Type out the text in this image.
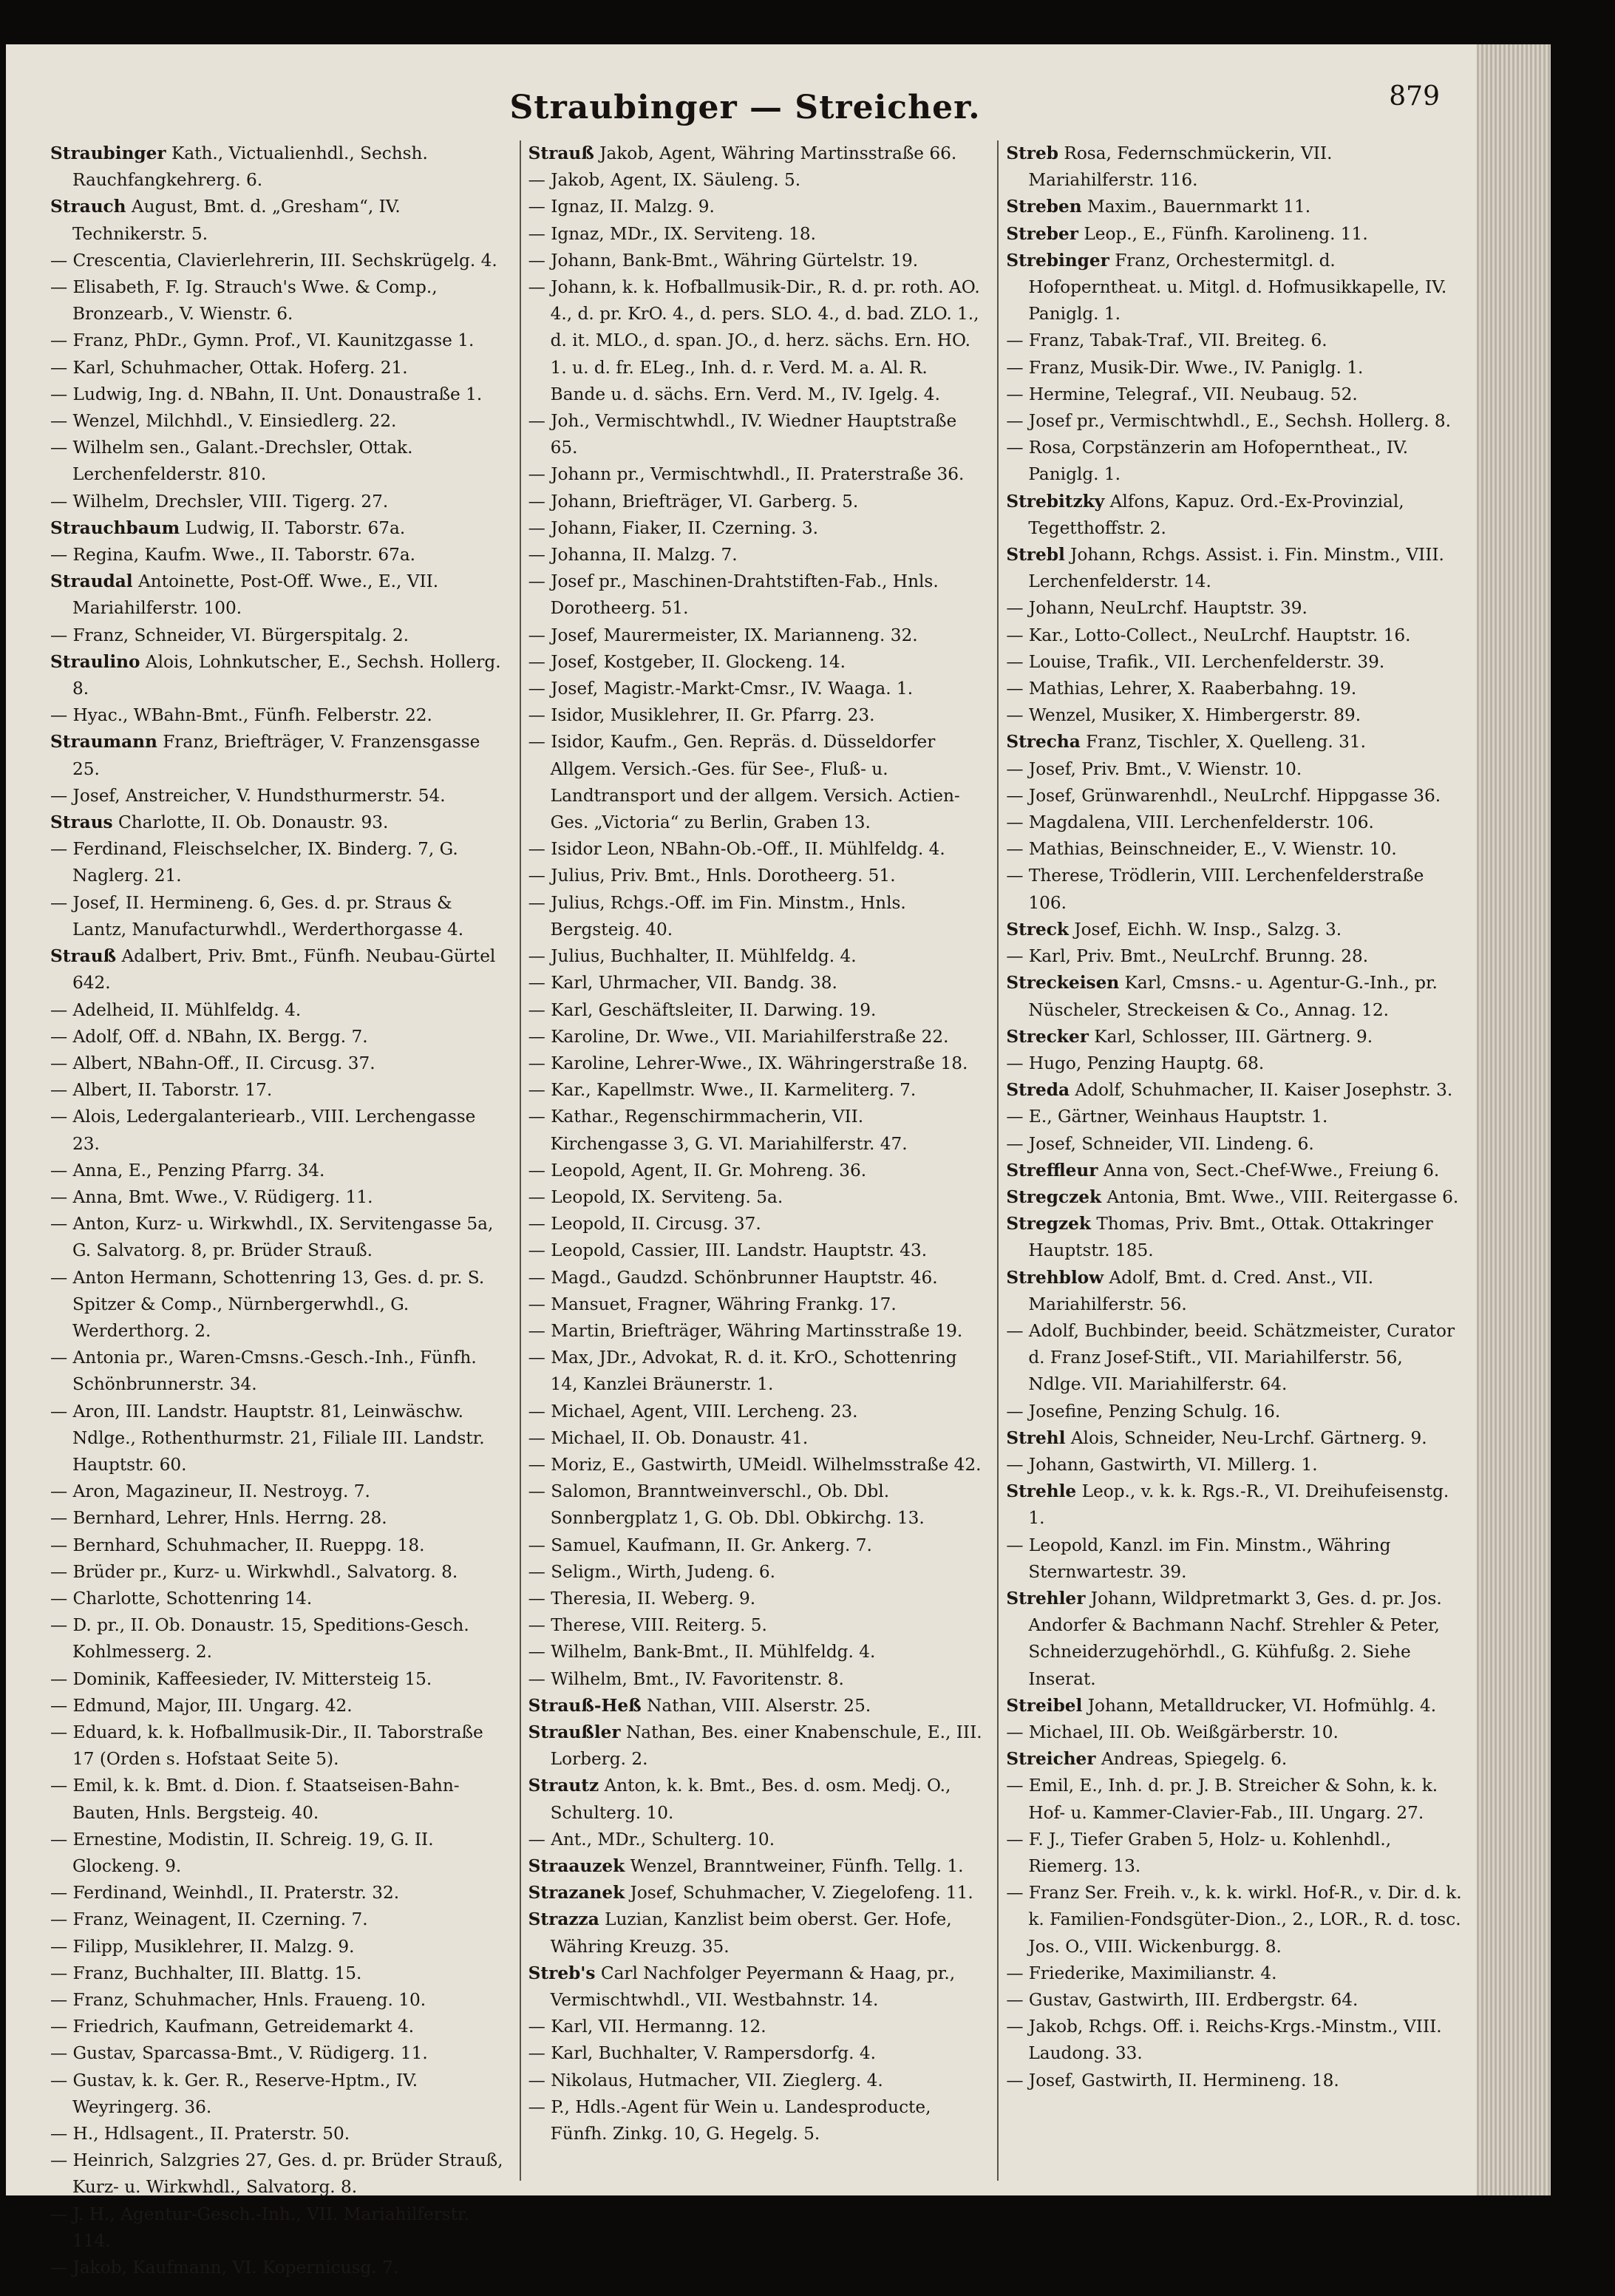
Straubinger — Streicher.	879
Straubinger Kath., Victualienhdl., Sechsh. Rauchfangkehrerg. 6.
Strauch August, Bmt. d. „Gresham“, IV. Technikerstr. 5.
— Crescentia, Clavierlehrerin, III. Sechskrügelg. 4.
— Elisabeth, F. Ig. Strauch's Wwe. & Comp., Bronzearb., V. Wienstr. 6.
— Franz, PhDr., Gymn. Prof., VI. Kaunitzgasse 1.
— Karl, Schuhmacher, Ottak. Hoferg. 21.
— Ludwig, Ing. d. NBahn, II. Unt. Donaustraße 1.
— Wenzel, Milchhdl., V. Einsiedlerg. 22.
— Wilhelm sen., Galant.-Drechsler, Ottak. Lerchenfelderstr. 810.
— Wilhelm, Drechsler, VIII. Tigerg. 27.
Strauchbaum Ludwig, II. Taborstr. 67a.
— Regina, Kaufm. Wwe., II. Taborstr. 67a.
Straudal Antoinette, Post-Off. Wwe., E., VII. Mariahilferstr. 100.
— Franz, Schneider, VI. Bürgerspitalg. 2.
Straulino Alois, Lohnkutscher, E., Sechsh. Hollerg. 8.
— Hyac., WBahn-Bmt., Fünfh. Felberstr. 22.
Straumann Franz, Briefträger, V. Franzensgasse 25.
— Josef, Anstreicher, V. Hundsthurmerstr. 54.
Straus Charlotte, II. Ob. Donaustr. 93.
— Ferdinand, Fleischselcher, IX. Binderg. 7, G. Naglerg. 21.
— Josef, II. Hermineng. 6, Ges. d. pr. Straus & Lantz, Manufacturwhdl., Werderthorgasse 4.
Strauß Adalbert, Priv. Bmt., Fünfh. Neubau-Gürtel 642.
— Adelheid, II. Mühlfeldg. 4.
— Adolf, Off. d. NBahn, IX. Bergg. 7.
— Albert, NBahn-Off., II. Circusg. 37.
— Albert, II. Taborstr. 17.
— Alois, Ledergalanteriearb., VIII. Lerchengasse 23.
— Anna, E., Penzing Pfarrg. 34.
— Anna, Bmt. Wwe., V. Rüdigerg. 11.
— Anton, Kurz- u. Wirkwhdl., IX. Servitengasse 5a, G. Salvatorg. 8, pr. Brüder Strauß.
— Anton Hermann, Schottenring 13, Ges. d. pr. S. Spitzer & Comp., Nürnbergerwhdl., G. Werderthorg. 2.
— Antonia pr., Waren-Cmsns.-Gesch.-Inh., Fünfh. Schönbrunnerstr. 34.
— Aron, III. Landstr. Hauptstr. 81, Leinwäschw. Ndlge., Rothenthurmstr. 21, Filiale III. Landstr. Hauptstr. 60.
— Aron, Magazineur, II. Nestroyg. 7.
— Bernhard, Lehrer, Hnls. Herrng. 28.
— Bernhard, Schuhmacher, II. Rueppg. 18.
— Brüder pr., Kurz- u. Wirkwhdl., Salvatorg. 8.
— Charlotte, Schottenring 14.
— D. pr., II. Ob. Donaustr. 15, Speditions-Gesch. Kohlmesserg. 2.
— Dominik, Kaffeesieder, IV. Mittersteig 15.
— Edmund, Major, III. Ungarg. 42.
— Eduard, k. k. Hofballmusik-Dir., II. Taborstraße 17 (Orden s. Hofstaat Seite 5).
— Emil, k. k. Bmt. d. Dion. f. Staatseisen-Bahn-Bauten, Hnls. Bergsteig. 40.
— Ernestine, Modistin, II. Schreig. 19, G. II. Glockeng. 9.
— Ferdinand, Weinhdl., II. Praterstr. 32.
— Franz, Weinagent, II. Czerning. 7.
— Filipp, Musiklehrer, II. Malzg. 9.
— Franz, Buchhalter, III. Blattg. 15.
— Franz, Schuhmacher, Hnls. Fraueng. 10.
— Friedrich, Kaufmann, Getreidemarkt 4.
— Gustav, Sparcassa-Bmt., V. Rüdigerg. 11.
— Gustav, k. k. Ger. R., Reserve-Hptm., IV. Weyringerg. 36.
— H., Hdlsagent., II. Praterstr. 50.
— Heinrich, Salzgries 27, Ges. d. pr. Brüder Strauß, Kurz- u. Wirkwhdl., Salvatorg. 8.
— J. H., Agentur-Gesch.-Inh., VII. Mariahilferstr. 114.
— Jakob, Kaufmann, VI. Kopernicusg. 7.
Strauß Jakob, Agent, Währing Martinsstraße 66.
— Jakob, Agent, IX. Säuleng. 5.
— Ignaz, II. Malzg. 9.
— Ignaz, MDr., IX. Serviteng. 18.
— Johann, Bank-Bmt., Währing Gürtelstr. 19.
— Johann, k. k. Hofballmusik-Dir., R. d. pr. roth. AO. 4., d. pr. KrO. 4., d. pers. SLO. 4., d. bad. ZLO. 1., d. it. MLO., d. span. JO., d. herz. sächs. Ern. HO. 1. u. d. fr. ELeg., Inh. d. r. Verd. M. a. Al. R. Bande u. d. sächs. Ern. Verd. M., IV. Igelg. 4.
— Joh., Vermischtwhdl., IV. Wiedner Hauptstraße 65.
— Johann pr., Vermischtwhdl., II. Praterstraße 36.
— Johann, Briefträger, VI. Garberg. 5.
— Johann, Fiaker, II. Czerning. 3.
— Johanna, II. Malzg. 7.
— Josef pr., Maschinen-Drahtstiften-Fab., Hnls. Dorotheerg. 51.
— Josef, Maurermeister, IX. Marianneng. 32.
— Josef, Kostgeber, II. Glockeng. 14.
— Josef, Magistr.-Markt-Cmsr., IV. Waaga. 1.
— Isidor, Musiklehrer, II. Gr. Pfarrg. 23.
— Isidor, Kaufm., Gen. Repräs. d. Düsseldorfer Allgem. Versich.-Ges. für See-, Fluß- u. Landtransport und der allgem. Versich. Actien-Ges. „Victoria“ zu Berlin, Graben 13.
— Isidor Leon, NBahn-Ob.-Off., II. Mühlfeldg. 4.
— Julius, Priv. Bmt., Hnls. Dorotheerg. 51.
— Julius, Rchgs.-Off. im Fin. Minstm., Hnls. Bergsteig. 40.
— Julius, Buchhalter, II. Mühlfeldg. 4.
— Karl, Uhrmacher, VII. Bandg. 38.
— Karl, Geschäftsleiter, II. Darwing. 19.
— Karoline, Dr. Wwe., VII. Mariahilferstraße 22.
— Karoline, Lehrer-Wwe., IX. Währingerstraße 18.
— Kar., Kapellmstr. Wwe., II. Karmeliterg. 7.
— Kathar., Regenschirmmacherin, VII. Kirchengasse 3, G. VI. Mariahilferstr. 47.
— Leopold, Agent, II. Gr. Mohreng. 36.
— Leopold, IX. Serviteng. 5a.
— Leopold, II. Circusg. 37.
— Leopold, Cassier, III. Landstr. Hauptstr. 43.
— Magd., Gaudzd. Schönbrunner Hauptstr. 46.
— Mansuet, Fragner, Währing Frankg. 17.
— Martin, Briefträger, Währing Martinsstraße 19.
— Max, JDr., Advokat, R. d. it. KrO., Schottenring 14, Kanzlei Bräunerstr. 1.
— Michael, Agent, VIII. Lercheng. 23.
— Michael, II. Ob. Donaustr. 41.
— Moriz, E., Gastwirth, UMeidl. Wilhelmsstraße 42.
— Salomon, Branntweinverschl., Ob. Dbl. Sonnbergplatz 1, G. Ob. Dbl. Obkirchg. 13.
— Samuel, Kaufmann, II. Gr. Ankerg. 7.
— Seligm., Wirth, Judeng. 6.
— Theresia, II. Weberg. 9.
— Therese, VIII. Reiterg. 5.
— Wilhelm, Bank-Bmt., II. Mühlfeldg. 4.
— Wilhelm, Bmt., IV. Favoritenstr. 8.
Strauß-Heß Nathan, VIII. Alserstr. 25.
Straußler Nathan, Bes. einer Knabenschule, E., III. Lorberg. 2.
Strautz Anton, k. k. Bmt., Bes. d. osm. Medj. O., Schulterg. 10.
— Ant., MDr., Schulterg. 10.
Straauzek Wenzel, Branntweiner, Fünfh. Tellg. 1.
Strazanek Josef, Schuhmacher, V. Ziegelofeng. 11.
Strazza Luzian, Kanzlist beim oberst. Ger. Hofe, Währing Kreuzg. 35.
Streb's Carl Nachfolger Peyermann & Haag, pr., Vermischtwhdl., VII. Westbahnstr. 14.
— Karl, VII. Hermanng. 12.
— Karl, Buchhalter, V. Rampersdorfg. 4.
— Nikolaus, Hutmacher, VII. Zieglerg. 4.
— P., Hdls.-Agent für Wein u. Landesproducte, Fünfh. Zinkg. 10, G. Hegelg. 5.
Streb Rosa, Federnschmückerin, VII. Mariahilferstr. 116.
Streben Maxim., Bauernmarkt 11.
Streber Leop., E., Fünfh. Karolineng. 11.
Strebinger Franz, Orchestermitgl. d. Hofoperntheat. u. Mitgl. d. Hofmusikkapelle, IV. Paniglg. 1.
— Franz, Tabak-Traf., VII. Breiteg. 6.
— Franz, Musik-Dir. Wwe., IV. Paniglg. 1.
— Hermine, Telegraf., VII. Neubaug. 52.
— Josef pr., Vermischtwhdl., E., Sechsh. Hollerg. 8.
— Rosa, Corpstänzerin am Hofoperntheat., IV. Paniglg. 1.
Strebitzky Alfons, Kapuz. Ord.-Ex-Provinzial, Tegetthoffstr. 2.
Strebl Johann, Rchgs. Assist. i. Fin. Minstm., VIII. Lerchenfelderstr. 14.
— Johann, NeuLrchf. Hauptstr. 39.
— Kar., Lotto-Collect., NeuLrchf. Hauptstr. 16.
— Louise, Trafik., VII. Lerchenfelderstr. 39.
— Mathias, Lehrer, X. Raaberbahng. 19.
— Wenzel, Musiker, X. Himbergerstr. 89.
Strecha Franz, Tischler, X. Quelleng. 31.
— Josef, Priv. Bmt., V. Wienstr. 10.
— Josef, Grünwarenhdl., NeuLrchf. Hippgasse 36.
— Magdalena, VIII. Lerchenfelderstr. 106.
— Mathias, Beinschneider, E., V. Wienstr. 10.
— Therese, Trödlerin, VIII. Lerchenfelderstraße 106.
Streck Josef, Eichh. W. Insp., Salzg. 3.
— Karl, Priv. Bmt., NeuLrchf. Brunng. 28.
Streckeisen Karl, Cmsns.- u. Agentur-G.-Inh., pr. Nüscheler, Streckeisen & Co., Annag. 12.
Strecker Karl, Schlosser, III. Gärtnerg. 9.
— Hugo, Penzing Hauptg. 68.
Streda Adolf, Schuhmacher, II. Kaiser Josephstr. 3.
— E., Gärtner, Weinhaus Hauptstr. 1.
— Josef, Schneider, VII. Lindeng. 6.
Streffleur Anna von, Sect.-Chef-Wwe., Freiung 6.
Stregczek Antonia, Bmt. Wwe., VIII. Reitergasse 6.
Stregzek Thomas, Priv. Bmt., Ottak. Ottakringer Hauptstr. 185.
Strehblow Adolf, Bmt. d. Cred. Anst., VII. Mariahilferstr. 56.
— Adolf, Buchbinder, beeid. Schätzmeister, Curator d. Franz Josef-Stift., VII. Mariahilferstr. 56, Ndlge. VII. Mariahilferstr. 64.
— Josefine, Penzing Schulg. 16.
Strehl Alois, Schneider, Neu-Lrchf. Gärtnerg. 9.
— Johann, Gastwirth, VI. Millerg. 1.
Strehle Leop., v. k. k. Rgs.-R., VI. Dreihufeisenstg. 1.
— Leopold, Kanzl. im Fin. Minstm., Währing Sternwartestr. 39.
Strehler Johann, Wildpretmarkt 3, Ges. d. pr. Jos. Andorfer & Bachmann Nachf. Strehler & Peter, Schneiderzugehörhdl., G. Kühfußg. 2. Siehe Inserat.
Streibel Johann, Metalldrucker, VI. Hofmühlg. 4.
— Michael, III. Ob. Weißgärberstr. 10.
Streicher Andreas, Spiegelg. 6.
— Emil, E., Inh. d. pr. J. B. Streicher & Sohn, k. k. Hof- u. Kammer-Clavier-Fab., III. Ungarg. 27.
— F. J., Tiefer Graben 5, Holz- u. Kohlenhdl., Riemerg. 13.
— Franz Ser. Freih. v., k. k. wirkl. Hof-R., v. Dir. d. k. k. Familien-Fondsgüter-Dion., 2., LOR., R. d. tosc. Jos. O., VIII. Wickenburgg. 8.
— Friederike, Maximilianstr. 4.
— Gustav, Gastwirth, III. Erdbergstr. 64.
— Jakob, Rchgs. Off. i. Reichs-Krgs.-Minstm., VIII. Laudong. 33.
— Josef, Gastwirth, II. Hermineng. 18.
